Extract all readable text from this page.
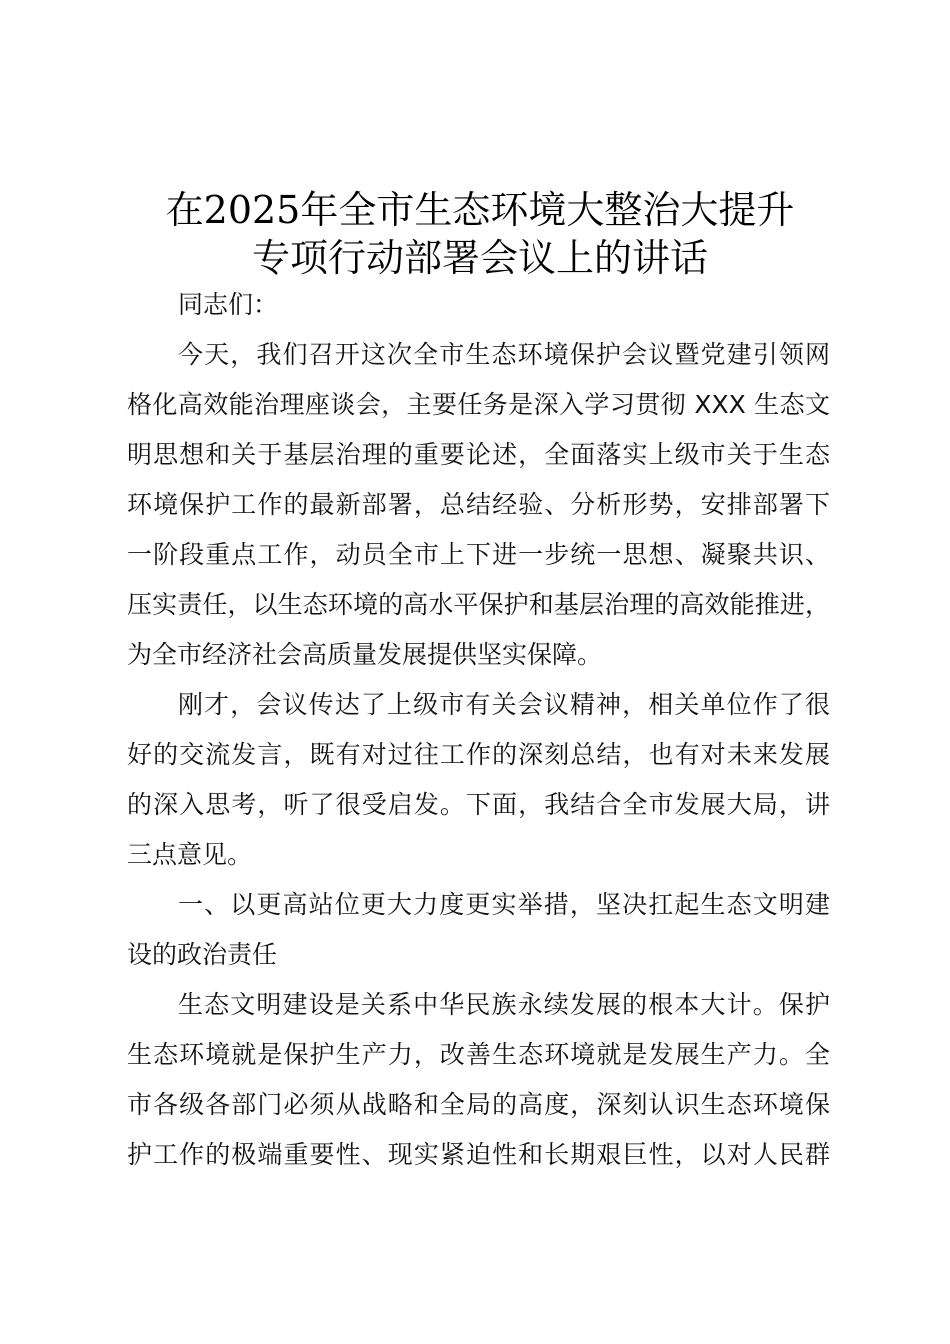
在2025年全市生态环境大整治大提升
专项行动部署会议上的讲话
同志们：
今天，我们召开这次全市生态环境保护会议暨党建引领网
格化高效能治理座谈会，主要任务是深入学习贯彻 XXX 生态文
明思想和关于基层治理的重要论述，全面落实上级市关于生态
环境保护工作的最新部署，总结经验、分析形势，安排部署下
一阶段重点工作，动员全市上下进一步统一思想、凝聚共识、
压实责任，以生态环境的高水平保护和基层治理的高效能推进，
为全市经济社会高质量发展提供坚实保障。
刚才，会议传达了上级市有关会议精神，相关单位作了很
好的交流发言，既有对过往工作的深刻总结，也有对未来发展
的深入思考，听了很受启发。下面，我结合全市发展大局，讲
三点意见。
一、以更高站位更大力度更实举措，坚决扛起生态文明建
设的政治责任
生态文明建设是关系中华民族永续发展的根本大计。保护
生态环境就是保护生产力，改善生态环境就是发展生产力。全
市各级各部门必须从战略和全局的高度，深刻认识生态环境保
护工作的极端重要性、现实紧迫性和长期艰巨性，以对人民群
